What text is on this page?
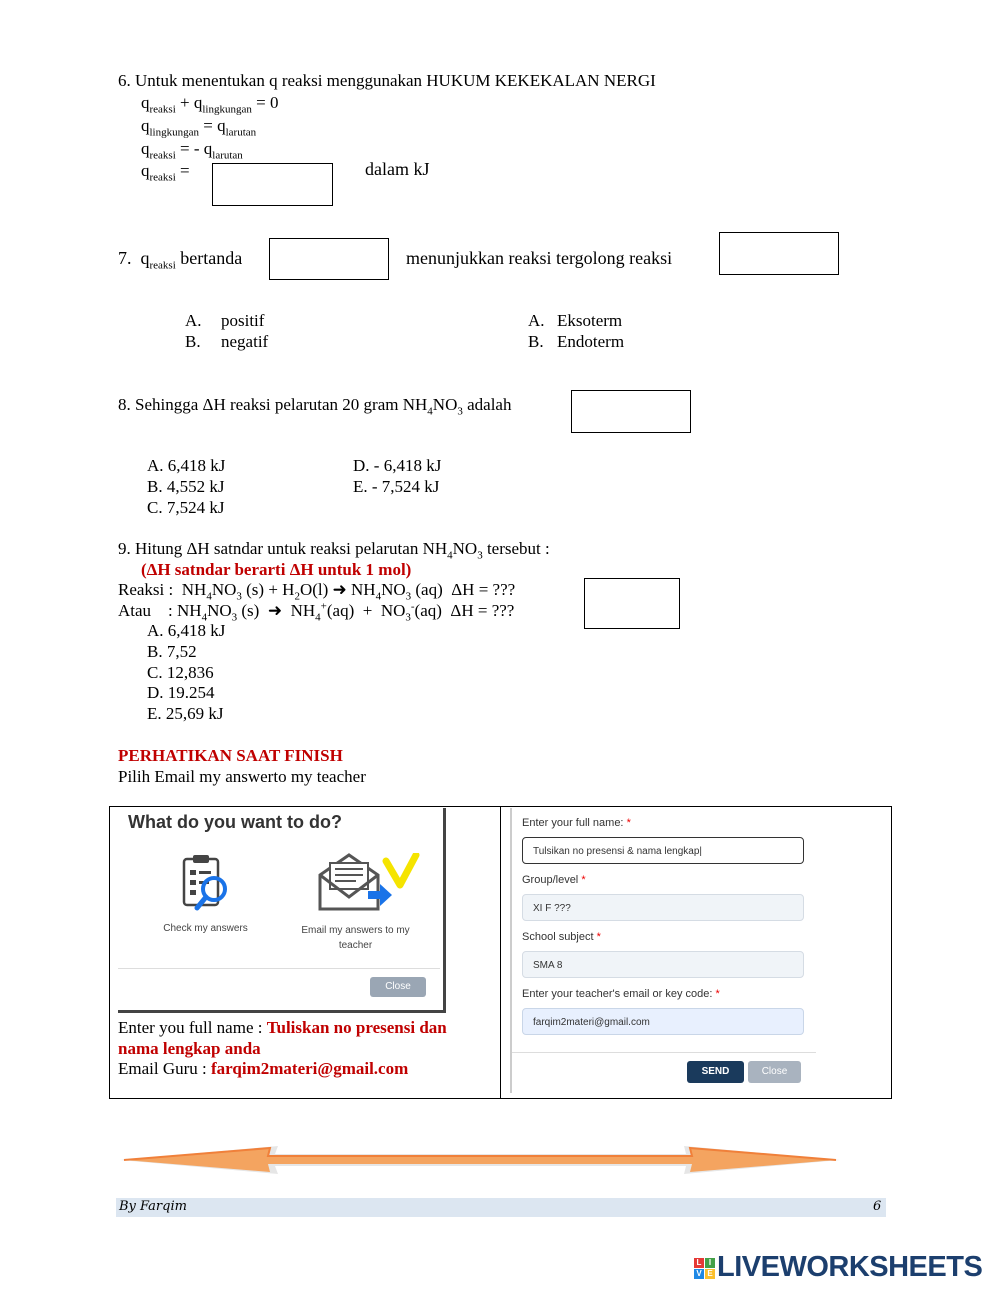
6. Untuk menentukan q reaksi menggunakan HUKUM KEKEKALAN NERGI
$q_{reaksi} + q_{lingkungan} = 0$
$q_{lingkungan} = q_{larutan}$
$q_{reaksi}$ = - $q_{larutan}$
$q_{reaksi}$ =	dalam kJ
7. $q_{reaksi}$ bertanda	menunjukkan reaksi tergolong reaksi
A. positif
B. negatif
A. Eksoterm
B. Endoterm
8. Sehingga ΔH reaksi pelarutan 20 gram $NH_4NO_3$ adalah
A. 6,418 kJ
B. 4,552 kJ
C. 7,524 kJ
D. - 6,418 kJ
E. - 7,524 kJ
9. Hitung ΔH satndar untuk reaksi pelarutan $NH_4NO_3$ tersebut :
(ΔH satndar berarti ΔH untuk 1 mol)
Reaksi :  $NH_4NO_3$ $(s) + H_2O(l)$ ➜ $NH_4NO_3$ (aq)  ΔH = ???
Atau    : $NH_4NO_3$ (s)  ➜  $NH_4^+(aq) + NO_3^-(aq) \Delta H$ = ???
A. 6,418 kJ
B. 7,52
C. 12,836
D. 19.254
E. 25,69 kJ
PERHATIKAN SAAT FINISH
Pilih Email my answerto my teacher
What do you want to do?
Check my answers	Email my answers to my
teacher
Close
Enter you full name : Tuliskan no presensi dan
nama lengkap anda
Email Guru : farqim2materi@gmail.com
Enter your full name: *
Tulsikan no presensi & nama lengkap|
Group/level *
XI F ???
School subject *
SMA 8
Enter your teacher's email or key code: *
farqim2materi@gmail.com
SEND	Close
By Farqim	6
L I
V E LIVEWORKSHEETS
